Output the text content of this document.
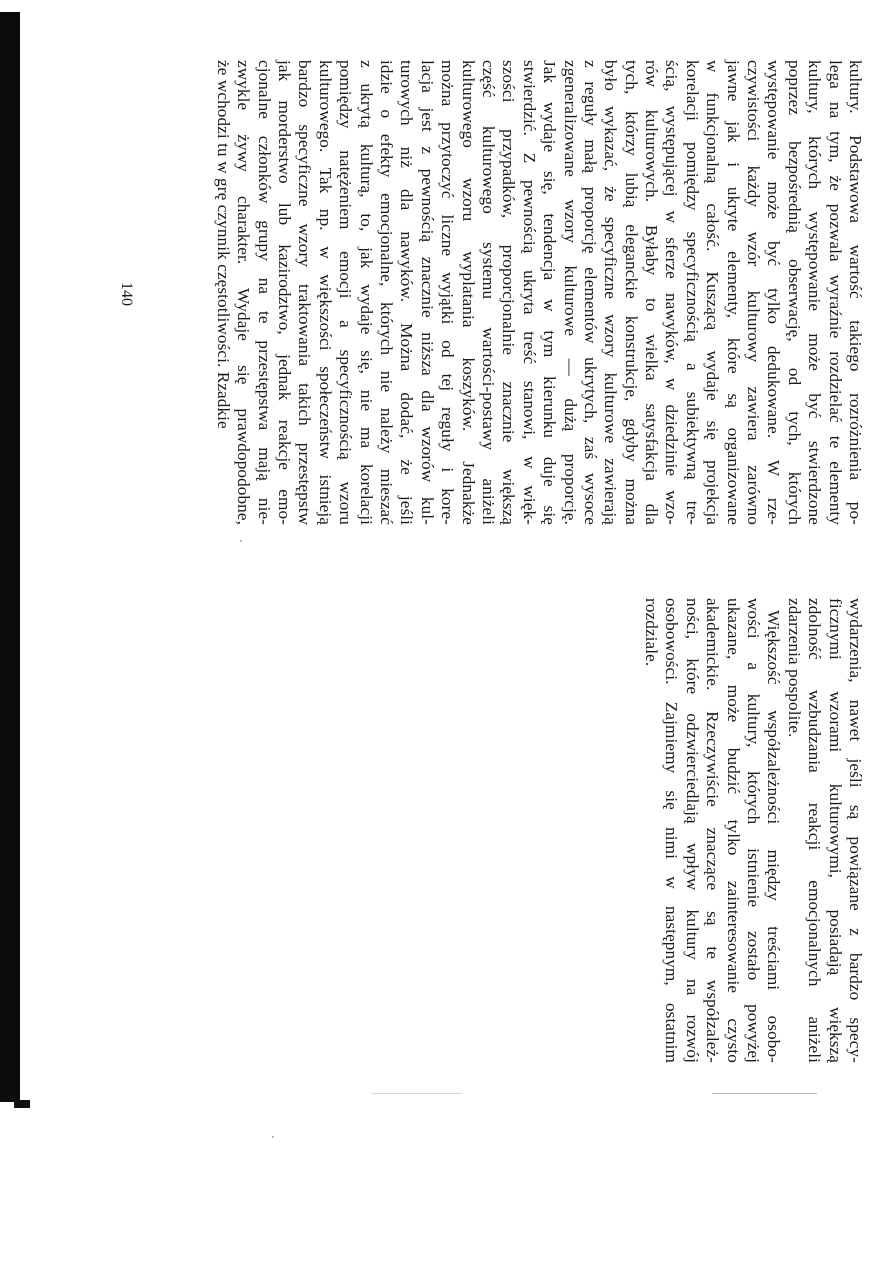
kultury. Podstawowa wartość takiego rozróżnienia po-
lega na tym, że pozwala wyraźnie rozdzielać te elementy
kultury, których występowanie może być stwierdzone
poprzez bezpośrednią obserwację, od tych, których
występowanie może być tylko dedukowane. W rze-
czywistości każdy wzór kulturowy zawiera zarówno
jawne jak i ukryte elementy, które są organizowane
w funkcjonalną całość. Kuszącą wydaje się projekcja
korelacji pomiędzy specyficznością a subiektywną tre-
ścią, występującej w sferze nawyków, w dziedzinie wzo-
rów kulturowych. Byłaby to wielka satysfakcja dla
tych, którzy lubią eleganckie konstrukcje, gdyby można
było wykazać, że specyficzne wzory kulturowe zawierają
z reguły małą proporcję elementów ukrytych, zaś wysoce
zgeneralizowane wzory kulturowe — dużą proporcję.
Jak wydaje się, tendencja w tym kierunku duje się
stwierdzić. Z pewnością ukryta treść stanowi, w więk-
szości przypadków, proporcjonalnie znacznie większą
część kulturowego systemu wartości-postawy aniżeli
kulturowego wzoru wyplatania koszyków. Jednakże
można przytoczyć liczne wyjątki od tej reguły i kore-
lacja jest z pewnością znacznie niższa dla wzorów kul-
turowych niż dla nawyków. Można dodać, że jeśli
idzie o efekty emocjonalne, których nie należy mieszać
z ukrytą kulturą, to, jak wydaje się, nie ma korelacji
pomiędzy natężeniem emocji a specyficznością wzoru
kulturowego. Tak np. w większości społeczeństw istnieją
bardzo specyficzne wzory traktowania takich przestępstw
jak morderstwo lub kazirodztwo, jednak reakcje emo-
cjonalne członków grupy na te przestępstwa mają nie-
zwykle żywy charakter. Wydaje się prawdopodobne,
że wchodzi tu w grę czynnik częstotliwości. Rzadkie
wydarzenia, nawet jeśli są powiązane z bardzo specy-
ficznymi wzorami kulturowymi, posiadają większą
zdolność wzbudzania reakcji emocjonalnych aniżeli
zdarzenia pospolite.
Większość współzależności między treściami osobo-
wości a kultury, których istnienie zostało powyżej
ukazane, może budzić tylko zainteresowanie czysto
akademickie. Rzeczywiście znaczące są te współzależ-
ności, które odzwierciedlają wpływ kultury na rozwój
osobowości. Zajmiemy się nimi w następnym, ostatnim
rozdziale.
140
